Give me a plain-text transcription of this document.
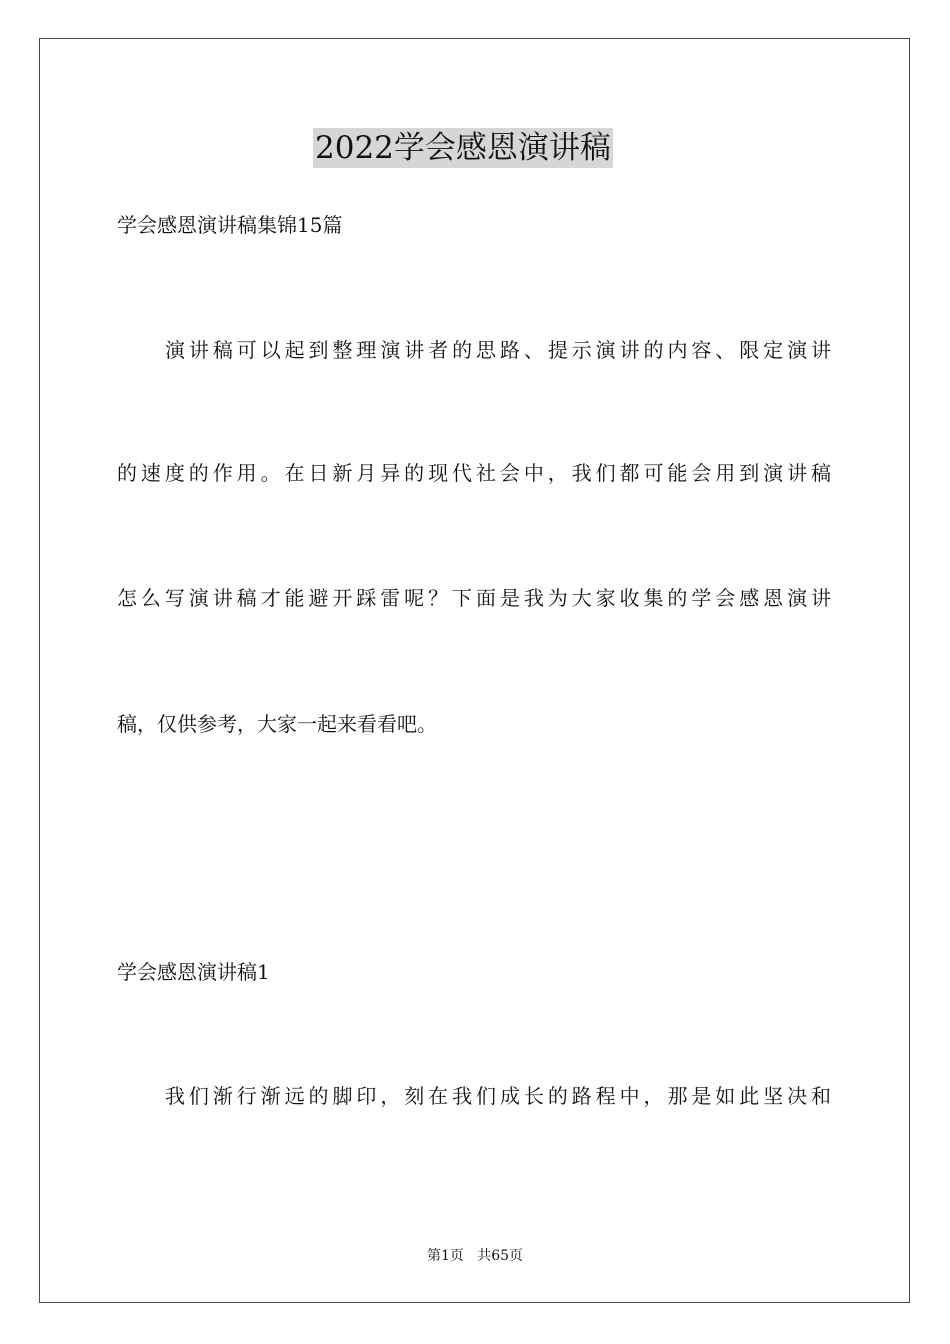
2022学会感恩演讲稿
学会感恩演讲稿集锦15篇
演讲稿可以起到整理演讲者的思路、提示演讲的内容、限定演讲
的速度的作用。在日新月异的现代社会中，我们都可能会用到演讲稿
怎么写演讲稿才能避开踩雷呢？下面是我为大家收集的学会感恩演讲
稿，仅供参考，大家一起来看看吧。
学会感恩演讲稿1
我们渐行渐远的脚印，刻在我们成长的路程中，那是如此坚决和
第1页   共65页
